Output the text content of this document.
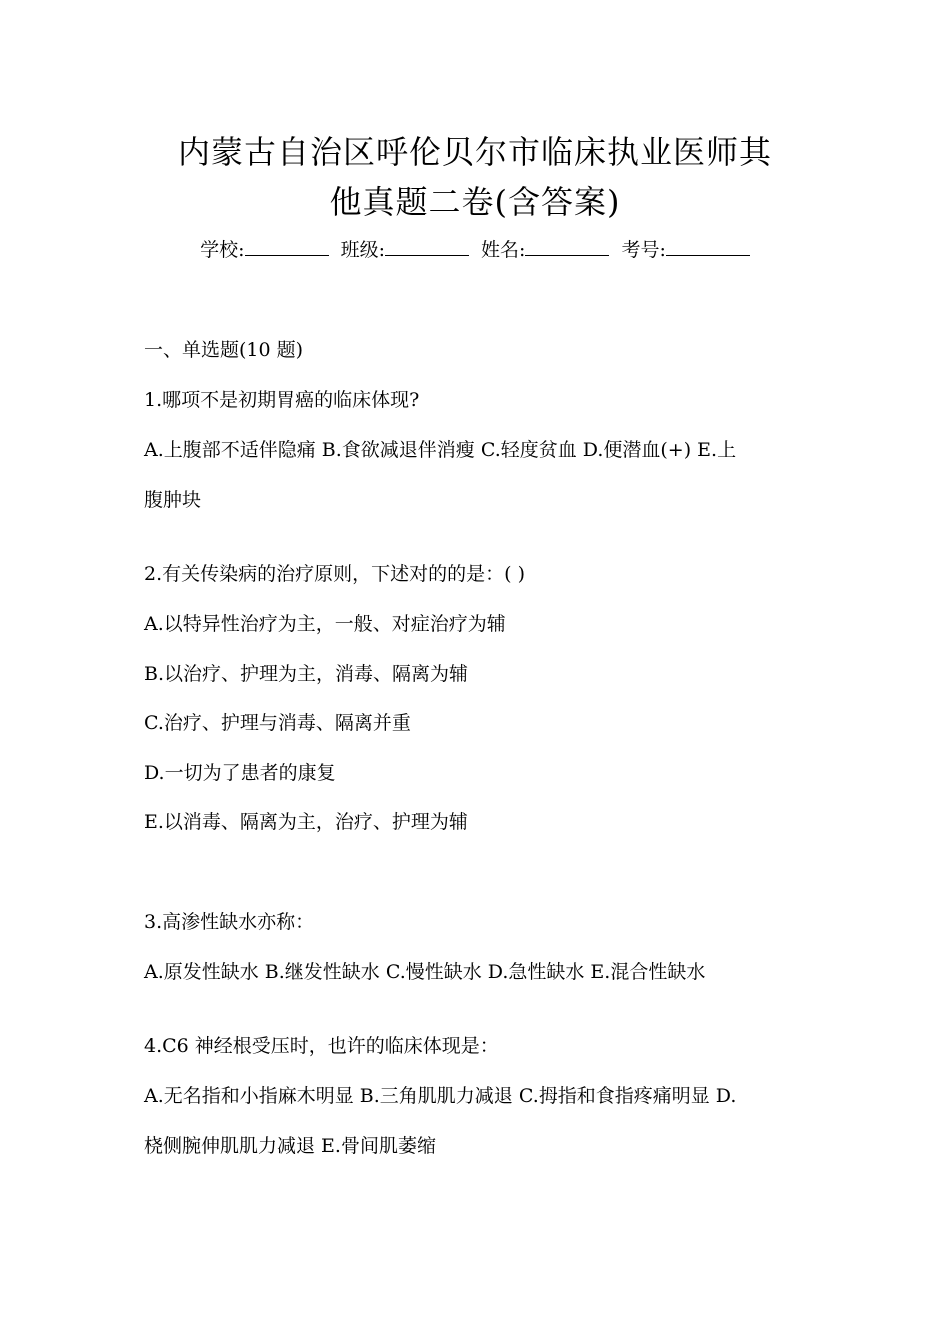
内蒙古自治区呼伦贝尔市临床执业医师其
他真题二卷(含答案)
学校:	班级:	姓名:	考号:
一、单选题(10 题)
1.哪项不是初期胃癌的临床体现?
A.上腹部不适伴隐痛 B.食欲减退伴消瘦 C.轻度贫血 D.便潜血(+) E.上
腹肿块
2.有关传染病的治疗原则，下述对的的是：( )
A.以特异性治疗为主，一般、对症治疗为辅
B.以治疗、护理为主，消毒、隔离为辅
C.治疗、护理与消毒、隔离并重
D.一切为了患者的康复
E.以消毒、隔离为主，治疗、护理为辅
3.高渗性缺水亦称：
A.原发性缺水 B.继发性缺水 C.慢性缺水 D.急性缺水 E.混合性缺水
4.C6 神经根受压时，也许的临床体现是：
A.无名指和小指麻木明显 B.三角肌肌力减退 C.拇指和食指疼痛明显 D.
桡侧腕伸肌肌力减退 E.骨间肌萎缩
